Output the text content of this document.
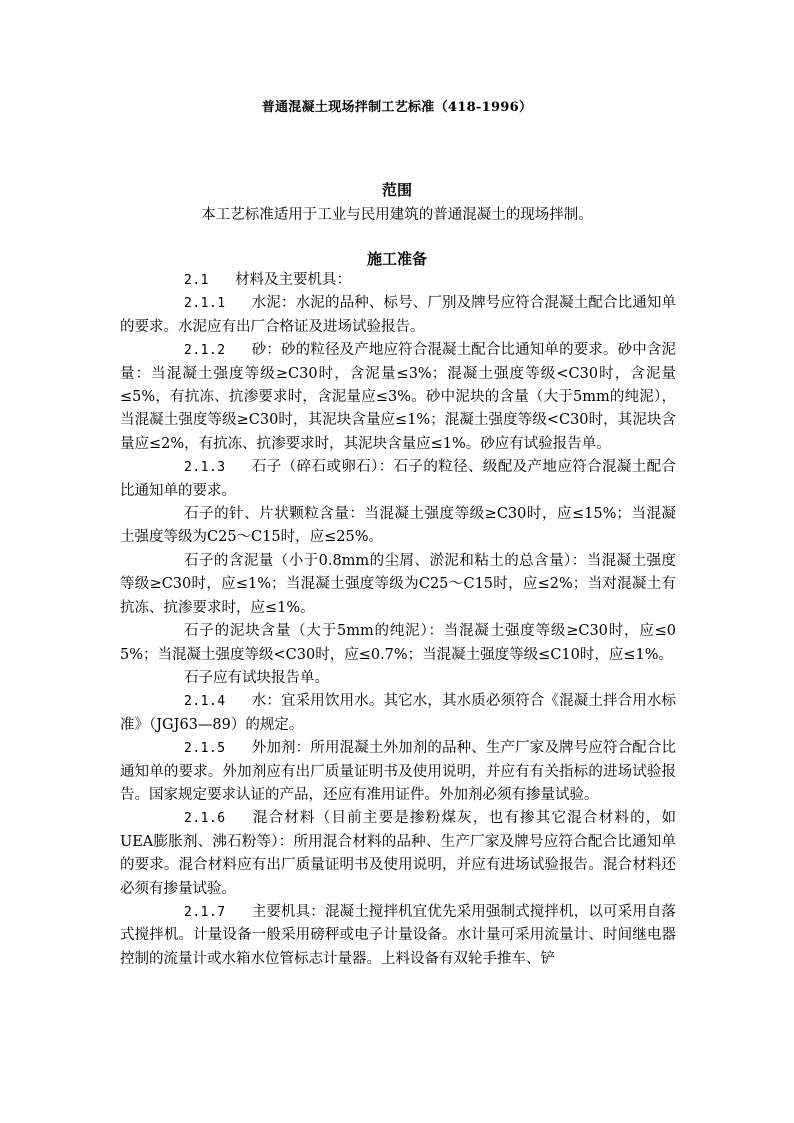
普通混凝土现场拌制工艺标准（418-1996）
范围
本工艺标准适用于工业与民用建筑的普通混凝土的现场拌制。
施工准备

2.1 材料及主要机具：

2.1.1 水泥：水泥的品种、标号、厂别及牌号应符合混凝土配合比通知单的要求。水泥应有出厂合格证及进场试验报告。

2.1.2 砂：砂的粒径及产地应符合混凝土配合比通知单的要求。砂中含泥量：当混凝土强度等级≥C30时，含泥量≤3%；混凝土强度等级<C30时，含泥量≤5%，有抗冻、抗渗要求时，含泥量应≤3%。砂中泥块的含量（大于5mm的纯泥），当混凝土强度等级≥C30时，其泥块含量应≤1%；混凝土强度等级<C30时，其泥块含量应≤2%，有抗冻、抗渗要求时，其泥块含量应≤1%。砂应有试验报告单。

2.1.3 石子（碎石或卵石）：石子的粒径、级配及产地应符合混凝土配合比通知单的要求。

石子的针、片状颗粒含量：当混凝土强度等级≥C30时，应≤15%；当混凝土强度等级为C25～C15时，应≤25%。

石子的含泥量（小于0.8mm的尘屑、淤泥和粘土的总含量）：当混凝土强度等级≥C30时，应≤1%；当混凝土强度等级为C25～C15时，应≤2%；当对混凝土有抗冻、抗渗要求时，应≤1%。

石子的泥块含量（大于5mm的纯泥）：当混凝土强度等级≥C30时，应≤0 5%；当混凝土强度等级<C30时，应≤0.7%；当混凝土强度等级≤C10时，应≤1%。

石子应有试块报告单。

2.1.4 水：宜采用饮用水。其它水，其水质必须符合《混凝土拌合用水标准》（JGJ63—89）的规定。

2.1.5 外加剂：所用混凝土外加剂的品种、生产厂家及牌号应符合配合比通知单的要求。外加剂应有出厂质量证明书及使用说明，并应有有关指标的进场试验报告。国家规定要求认证的产品，还应有准用证件。外加剂必须有掺量试验。

2.1.6 混合材料（目前主要是掺粉煤灰，也有掺其它混合材料的，如UEA膨胀剂、沸石粉等）：所用混合材料的品种、生产厂家及牌号应符合配合比通知单的要求。混合材料应有出厂质量证明书及使用说明，并应有进场试验报告。混合材料还必须有掺量试验。

2.1.7 主要机具：混凝土搅拌机宜优先采用强制式搅拌机，以可采用自落式搅拌机。计量设备一般采用磅秤或电子计量设备。水计量可采用流量计、时间继电器控制的流量计或水箱水位管标志计量器。上料设备有双轮手推车、铲
